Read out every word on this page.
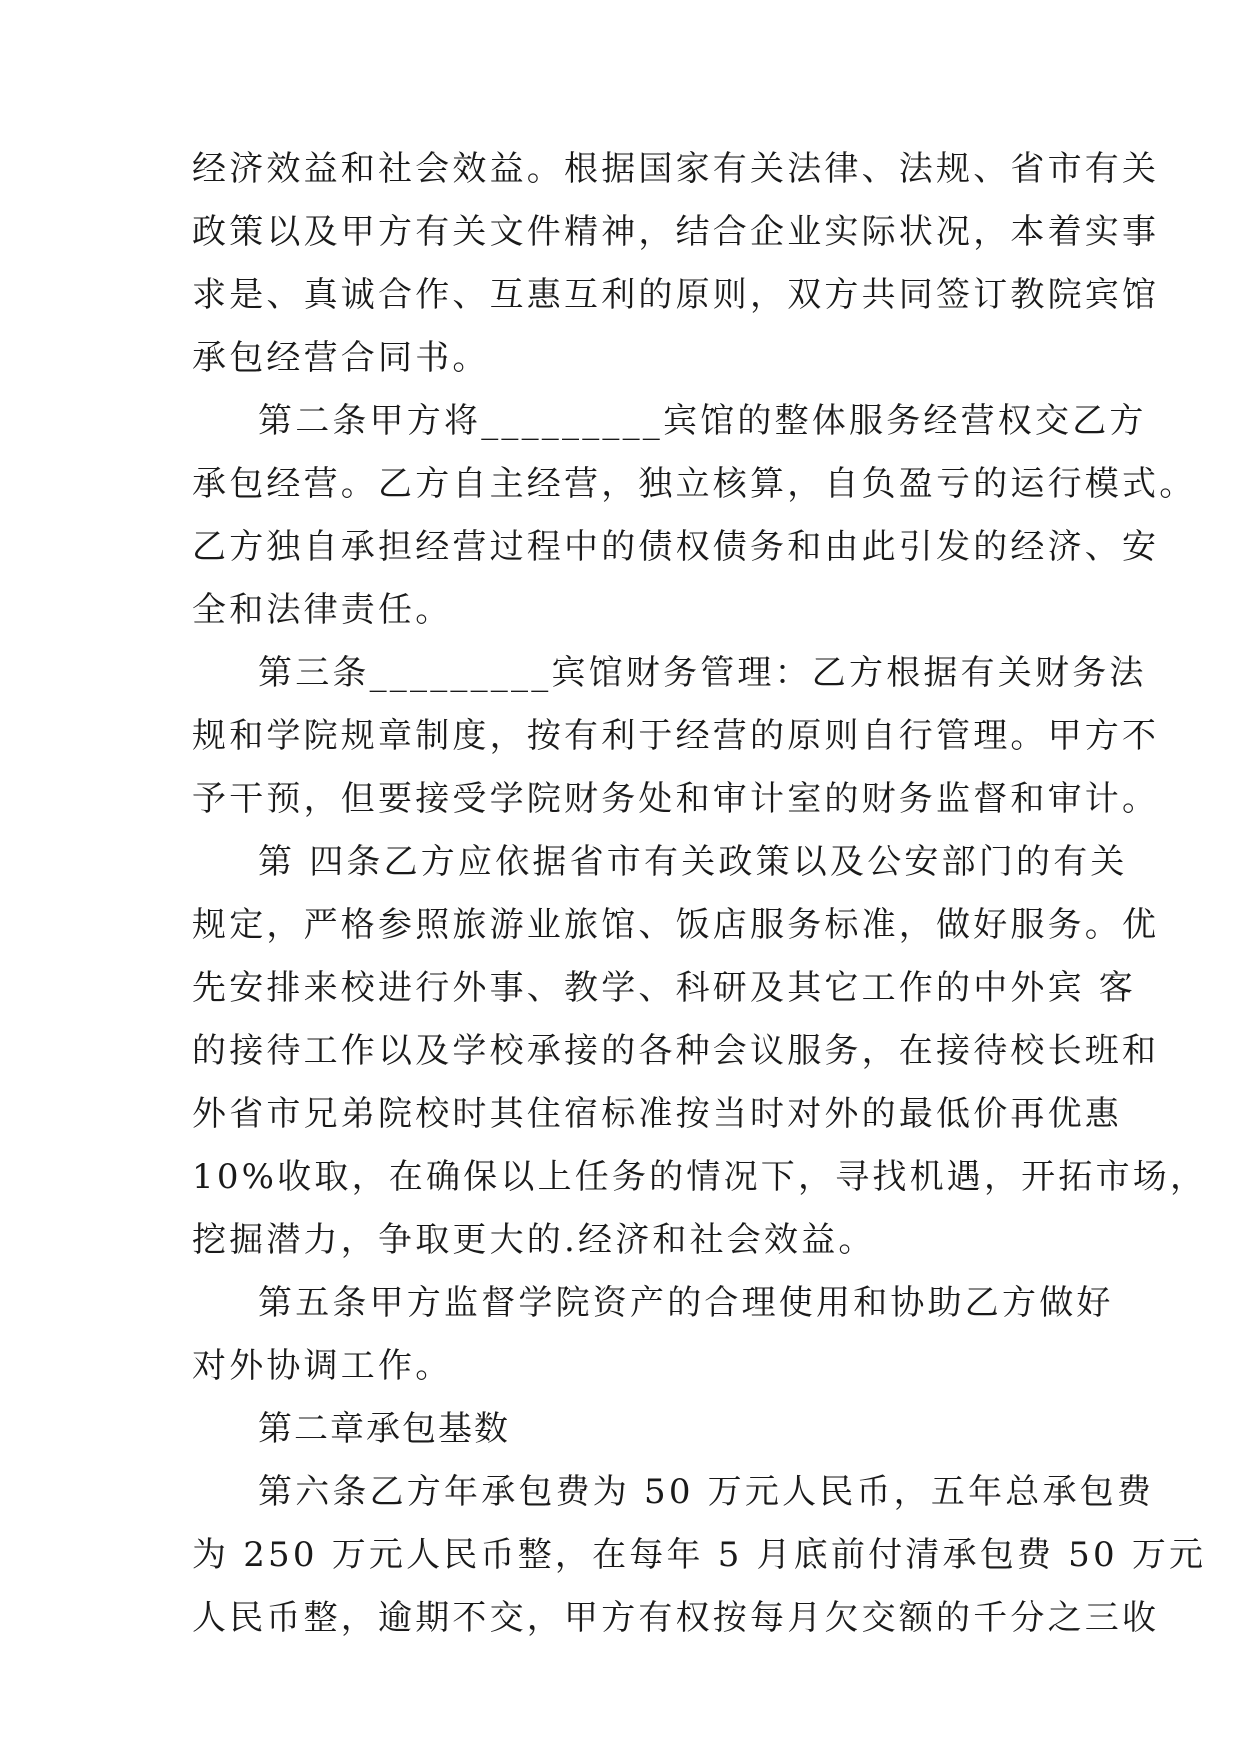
经济效益和社会效益。根据国家有关法律、法规、省市有关
政策以及甲方有关文件精神，结合企业实际状况，本着实事
求是、真诚合作、互惠互利的原则，双方共同签订教院宾馆
承包经营合同书。
第二条甲方将_________宾馆的整体服务经营权交乙方
承包经营。乙方自主经营，独立核算，自负盈亏的运行模式。
乙方独自承担经营过程中的债权债务和由此引发的经济、安
全和法律责任。
第三条_________宾馆财务管理：乙方根据有关财务法
规和学院规章制度，按有利于经营的原则自行管理。甲方不
予干预，但要接受学院财务处和审计室的财务监督和审计。
第 四条乙方应依据省市有关政策以及公安部门的有关
规定，严格参照旅游业旅馆、饭店服务标准，做好服务。优
先安排来校进行外事、教学、科研及其它工作的中外宾 客
的接待工作以及学校承接的各种会议服务，在接待校长班和
外省市兄弟院校时其住宿标准按当时对外的最低价再优惠
10%收取，在确保以上任务的情况下，寻找机遇，开拓市场，
挖掘潜力，争取更大的.经济和社会效益。
第五条甲方监督学院资产的合理使用和协助乙方做好
对外协调工作。
第二章承包基数
第六条乙方年承包费为 50 万元人民币，五年总承包费
为 250 万元人民币整，在每年 5 月底前付清承包费 50 万元
人民币整，逾期不交，甲方有权按每月欠交额的千分之三收
